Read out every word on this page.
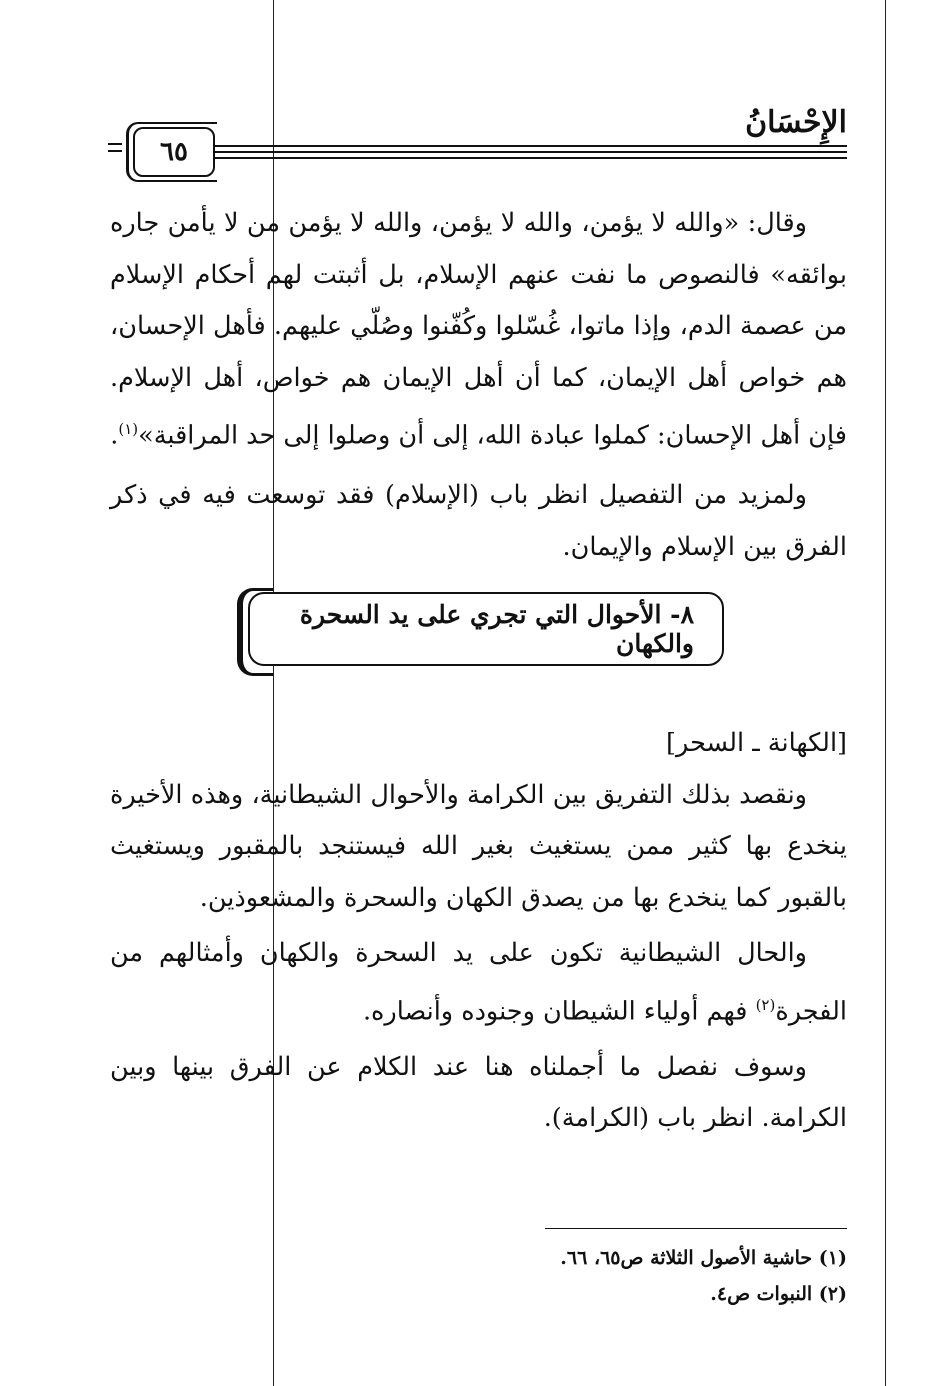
الإِحْسَانُ
٦٥

وقال: «والله لا يؤمن، والله لا يؤمن، والله لا يؤمن من لا يأمن جاره بوائقه» فالنصوص ما نفت عنهم الإسلام، بل أثبتت لهم أحكام الإسلام من عصمة الدم، وإذا ماتوا، غُسّلوا وكُفّنوا وصُلّي عليهم. فأهل الإحسان، هم خواص أهل الإيمان، كما أن أهل الإيمان هم خواص، أهل الإسلام. فإن أهل الإحسان: كملوا عبادة الله، إلى أن وصلوا إلى حد المراقبة»$^{(١)}$.

ولمزيد من التفصيل انظر باب (الإسلام) فقد توسعت فيه في ذكر الفرق بين الإسلام والإيمان.

٨- الأحوال التي تجري على يد السحرة والكهان

[الكهانة ـ السحر]

ونقصد بذلك التفريق بين الكرامة والأحوال الشيطانية، وهذه الأخيرة ينخدع بها كثير ممن يستغيث بغير الله فيستنجد بالمقبور ويستغيث بالقبور كما ينخدع بها من يصدق الكهان والسحرة والمشعوذين.

والحال الشيطانية تكون على يد السحرة والكهان وأمثالهم من الفجرة$^{(٢)}$ فهم أولياء الشيطان وجنوده وأنصاره.

وسوف نفصل ما أجملناه هنا عند الكلام عن الفرق بينها وبين الكرامة. انظر باب (الكرامة).

(١) حاشية الأصول الثلاثة ص٦٥، ٦٦.
(٢) النبوات ص٤.
